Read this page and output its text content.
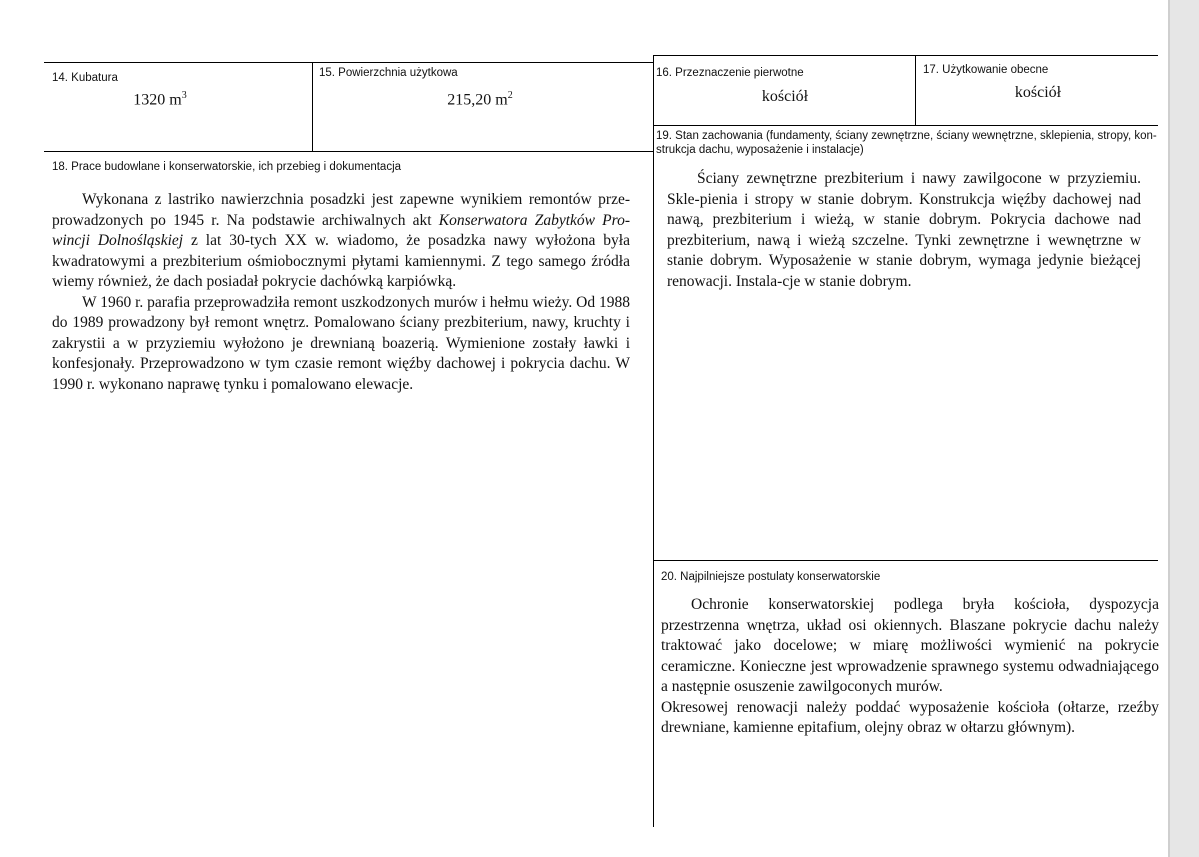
14. Kubatura
1320 $m^3$
15. Powierzchnia użytkowa
215,20 $m^2$
16. Przeznaczenie pierwotne
kościół
17. Użytkowanie obecne
kościół
18. Prace budowlane i konserwatorskie, ich przebieg i dokumentacja

Wykonana z lastriko nawierzchnia posadzki jest zapewne wynikiem remontów prze-prowadzonych po 1945 r. Na podstawie archiwalnych akt Konserwatora Zabytków Pro-wincji Dolnośląskiej z lat 30-tych XX w. wiadomo, że posadzka nawy wyłożona była kwadratowymi a prezbiterium ośmiobocznymi płytami kamiennymi. Z tego samego źródła wiemy również, że dach posiadał pokrycie dachówką karpiówką.

W 1960 r. parafia przeprowadziła remont uszkodzonych murów i hełmu wieży. Od 1988 do 1989 prowadzony był remont wnętrz. Pomalowano ściany prezbiterium, nawy, kruchty i zakrystii a w przyziemiu wyłożono je drewnianą boazerią. Wymienione zostały ławki i konfesjonały. Przeprowadzono w tym czasie remont więźby dachowej i pokrycia dachu. W 1990 r. wykonano naprawę tynku i pomalowano elewacje.

19. Stan zachowania (fundamenty, ściany zewnętrzne, ściany wewnętrzne, sklepienia, stropy, kon-
strukcja dachu, wyposażenie i instalacje)

Ściany zewnętrzne prezbiterium i nawy zawilgocone w przyziemiu. Skle-pienia i stropy w stanie dobrym. Konstrukcja więźby dachowej nad nawą, prezbiterium i wieżą, w stanie dobrym. Pokrycia dachowe nad prezbiterium, nawą i wieżą szczelne. Tynki zewnętrzne i wewnętrzne w stanie dobrym. Wyposażenie w stanie dobrym, wymaga jedynie bieżącej renowacji. Instala-cje w stanie dobrym.

20. Najpilniejsze postulaty konserwatorskie

Ochronie konserwatorskiej podlega bryła kościoła, dyspozycja przestrzenna wnętrza, układ osi okiennych. Blaszane pokrycie dachu należy traktować jako docelowe; w miarę możliwości wymienić na pokrycie ceramiczne. Konieczne jest wprowadzenie sprawnego systemu odwadniającego a następnie osuszenie zawilgoconych murów.

Okresowej renowacji należy poddać wyposażenie kościoła (ołtarze, rzeźby drewniane, kamienne epitafium, olejny obraz w ołtarzu głównym).
